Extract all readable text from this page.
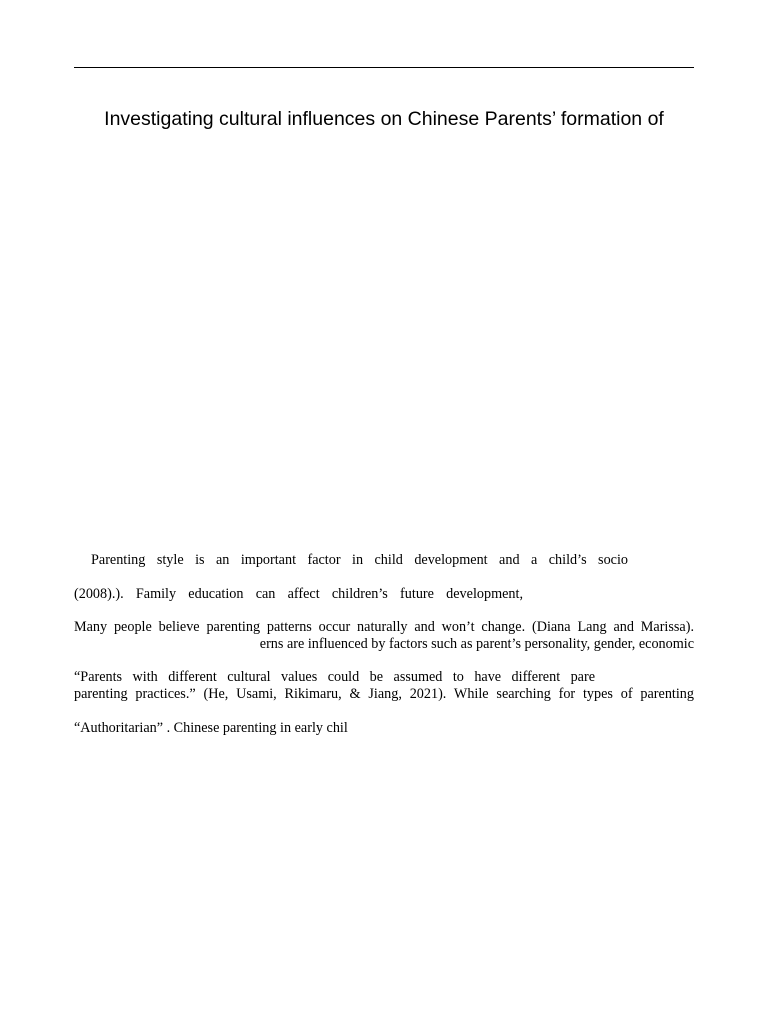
Investigating cultural influences on Chinese Parents’ formation of
Parenting style is an important factor in child development and a child’s socio
(2008).). Family education can affect children’s future development,
Many people believe parenting patterns occur naturally and won’t change. (Diana Lang and Marissa).
erns are influenced by factors such as parent’s personality, gender, economic
“Parents with different cultural values could be assumed to have different pare
parenting practices.” (He, Usami, Rikimaru, & Jiang, 2021). While searching for types of parenting
“Authoritarian” . Chinese parenting in early chil
